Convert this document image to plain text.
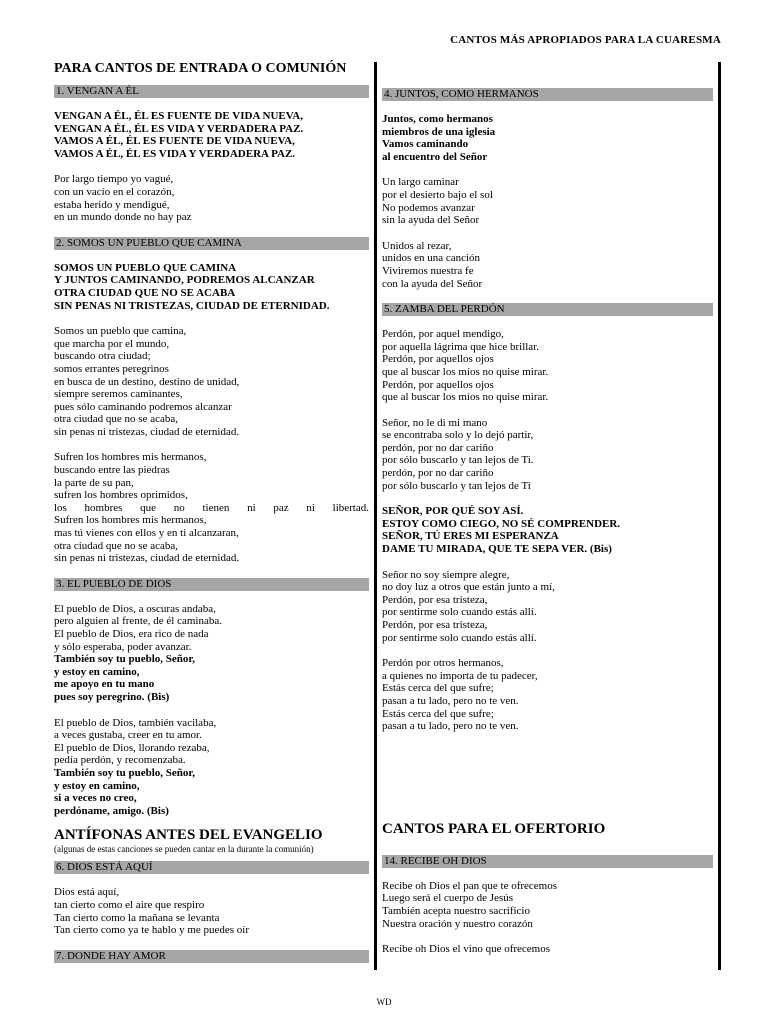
CANTOS MÁS APROPIADOS PARA LA CUARESMA
PARA CANTOS DE ENTRADA O COMUNIÓN
1. VENGAN A ÉL
VENGAN A ÉL, ÉL ES FUENTE DE VIDA NUEVA,
VENGAN A ÉL, ÉL ES VIDA Y VERDADERA PAZ.
VAMOS A ÉL, ÉL ES FUENTE DE VIDA NUEVA,
VAMOS A ÉL, ÉL ES VIDA Y VERDADERA PAZ.
Por largo tiempo yo vagué,
con un vacío en el corazón,
estaba herido y mendigué,
en un mundo donde no hay paz
2. SOMOS UN PUEBLO QUE CAMINA
SOMOS UN PUEBLO QUE CAMINA
Y JUNTOS CAMINANDO, PODREMOS ALCANZAR
OTRA CIUDAD QUE NO SE ACABA
SIN PENAS NI TRISTEZAS, CIUDAD DE ETERNIDAD.
Somos un pueblo que camina,
que marcha por el mundo,
buscando otra ciudad;
somos errantes peregrinos
en busca de un destino, destino de unidad,
siempre seremos caminantes,
pues sólo caminando podremos alcanzar
otra ciudad que no se acaba,
sin penas ni tristezas, ciudad de eternidad.
Sufren los hombres mis hermanos,
buscando entre las piedras
la parte de su pan,
sufren los hombres oprimidos,
los hombres que no tienen ni paz ni libertad.
Sufren los hombres mis hermanos,
mas tú vienes con ellos y en ti alcanzaran,
otra ciudad que no se acaba,
sin penas ni tristezas, ciudad de eternidad.
3. EL PUEBLO DE DIOS
El pueblo de Dios, a oscuras andaba,
pero alguien al frente, de él caminaba.
El pueblo de Dios, era rico de nada
y sólo esperaba, poder avanzar.
También soy tu pueblo, Señor,
y estoy en camino,
me apoyo en tu mano
pues soy peregrino. (Bis)
El pueblo de Dios, también vacilaba,
a veces gustaba, creer en tu amor.
El pueblo de Dios, llorando rezaba,
pedía perdón, y recomenzaba.
También soy tu pueblo, Señor,
y estoy en camino,
si a veces no creo,
perdóname, amigo. (Bis)
ANTÍFONAS ANTES DEL EVANGELIO

(algunas de estas canciones se pueden cantar en la durante la comunión)

6. DIOS ESTÁ AQUÍ
Dios está aquí,
tan cierto como el aire que respiro
Tan cierto como la mañana se levanta
Tan cierto como ya te hablo y me puedes oír
7. DONDE HAY AMOR
4. JUNTOS, COMO HERMANOS
Juntos, como hermanos
miembros de una iglesia
Vamos caminando
al encuentro del Señor
Un largo caminar
por el desierto bajo el sol
No podemos avanzar
sin la ayuda del Señor
Unidos al rezar,
unidos en una canción
Viviremos nuestra fe
con la ayuda del Señor
5. ZAMBA DEL PERDÓN
Perdón, por aquel mendigo,
por aquella lágrima que hice brillar.
Perdón, por aquellos ojos
que al buscar los míos no quise mirar.
Perdón, por aquellos ojos
que al buscar los míos no quise mirar.
Señor, no le di mi mano
se encontraba solo y lo dejó partir,
perdón, por no dar cariño
por sólo buscarlo y tan lejos de Ti.
perdón, por no dar cariño
por sólo buscarlo y tan lejos de Ti
SEÑOR, POR QUÉ SOY ASÍ.
ESTOY COMO CIEGO, NO SÉ COMPRENDER.
SEÑOR, TÚ ERES MI ESPERANZA
DAME TU MIRADA, QUE TE SEPA VER. (Bis)
Señor no soy siempre alegre,
no doy luz a otros que están junto a mí,
Perdón, por esa tristeza,
por sentirme solo cuando estás allí.
Perdón, por esa tristeza,
por sentirme solo cuando estás allí.
Perdón por otros hermanos,
a quienes no importa de tu padecer,
Estás cerca del que sufre;
pasan a tu lado, pero no te ven.
Estás cerca del que sufre;
pasan a tu lado, pero no te ven.
CANTOS PARA EL OFERTORIO
14. RECIBE OH DIOS
Recibe oh Dios el pan que te ofrecemos
Luego será el cuerpo de Jesús
También acepta nuestro sacrificio
Nuestra oración y nuestro corazón
Recibe oh Dios el vino que ofrecemos
WD
